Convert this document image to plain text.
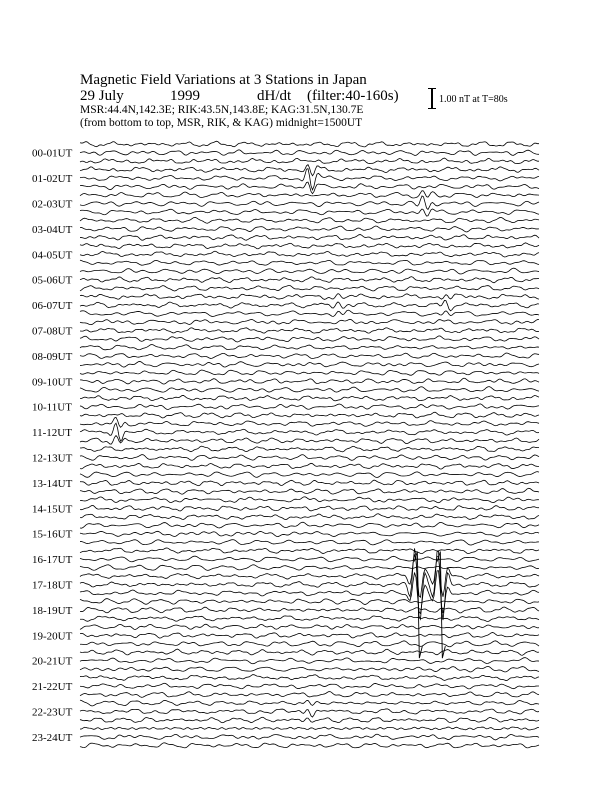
Magnetic Field Variations at 3 Stations in Japan
29 July	1999	dH/dt (filter:40-160s)
MSR:44.4N,142.3E; RIK:43.5N,143.8E; KAG:31.5N,130.7E
(from bottom to top, MSR, RIK, & KAG) midnight=1500UT
1.00 nT at T=80s
00-01UT
01-02UT
02-03UT
03-04UT
04-05UT
05-06UT
06-07UT
07-08UT
08-09UT
09-10UT
10-11UT
11-12UT
12-13UT
13-14UT
14-15UT
15-16UT
16-17UT
17-18UT
18-19UT
19-20UT
20-21UT
21-22UT
22-23UT
23-24UT
